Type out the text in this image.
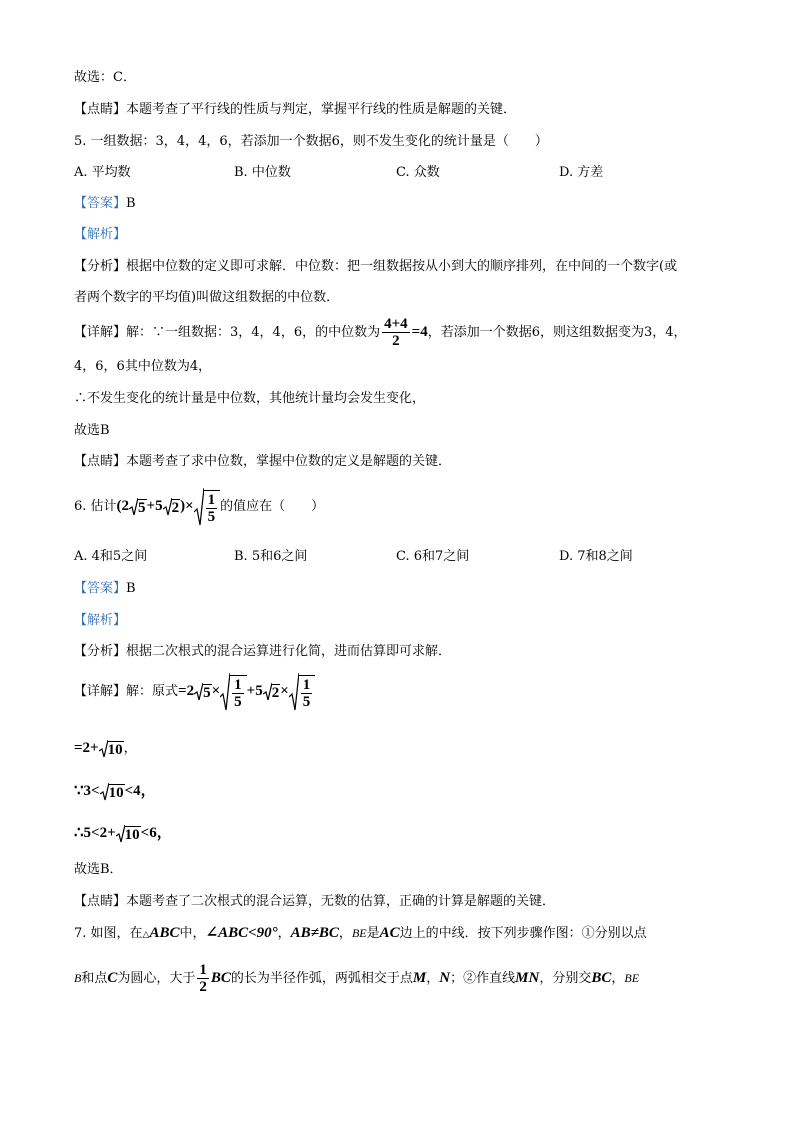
故选：C．
【点睛】本题考查了平行线的性质与判定，掌握平行线的性质是解题的关键．
5. 一组数据：3，4，4，6，若添加一个数据6，则不发生变化的统计量是（　　）
A. 平均数	B. 中位数	C. 众数	D. 方差
【答案】B
【解析】
【分析】根据中位数的定义即可求解．中位数：把一组数据按从小到大的顺序排列，在中间的一个数字(或
者两个数字的平均值)叫做这组数据的中位数．
【详解】解：∵一组数据：3，4，4，6，的中位数为 $\frac{4+4}{2} =4$，若添加一个数据6，则这组数据变为3，4，
4，6，6其中位数为4，
∴不发生变化的统计量是中位数，其他统计量均会发生变化，
故选B
【点睛】本题考查了求中位数，掌握中位数的定义是解题的关键．
6. 估计(2 5+5 $2)\times \frac{1}{5}$ 的值应在（　　）
A. 4和5之间	B. 5和6之间	C. 6和7之间	D. 7和8之间
【答案】B
【解析】
【分析】根据二次根式的混合运算进行化简，进而估算即可求解．
【详解】解：原式=2 $5\times \frac{1}{5} +5$ $2\times \frac{1}{5}$
=2+ 10，
∵3< 10<4，
∴5<2+ 10<6，
故选B．
【点睛】本题考查了二次根式的混合运算，无数的估算，正确的计算是解题的关键．
7. 如图，在△ABC中，∠ABC<90°，AB≠BC，BE是AC边上的中线．按下列步骤作图：①分别以点
B和点C为圆心，大于 $\frac{1}{2}$ BC的长为半径作弧，两弧相交于点M，N；②作直线MN，分别交BC，BE
